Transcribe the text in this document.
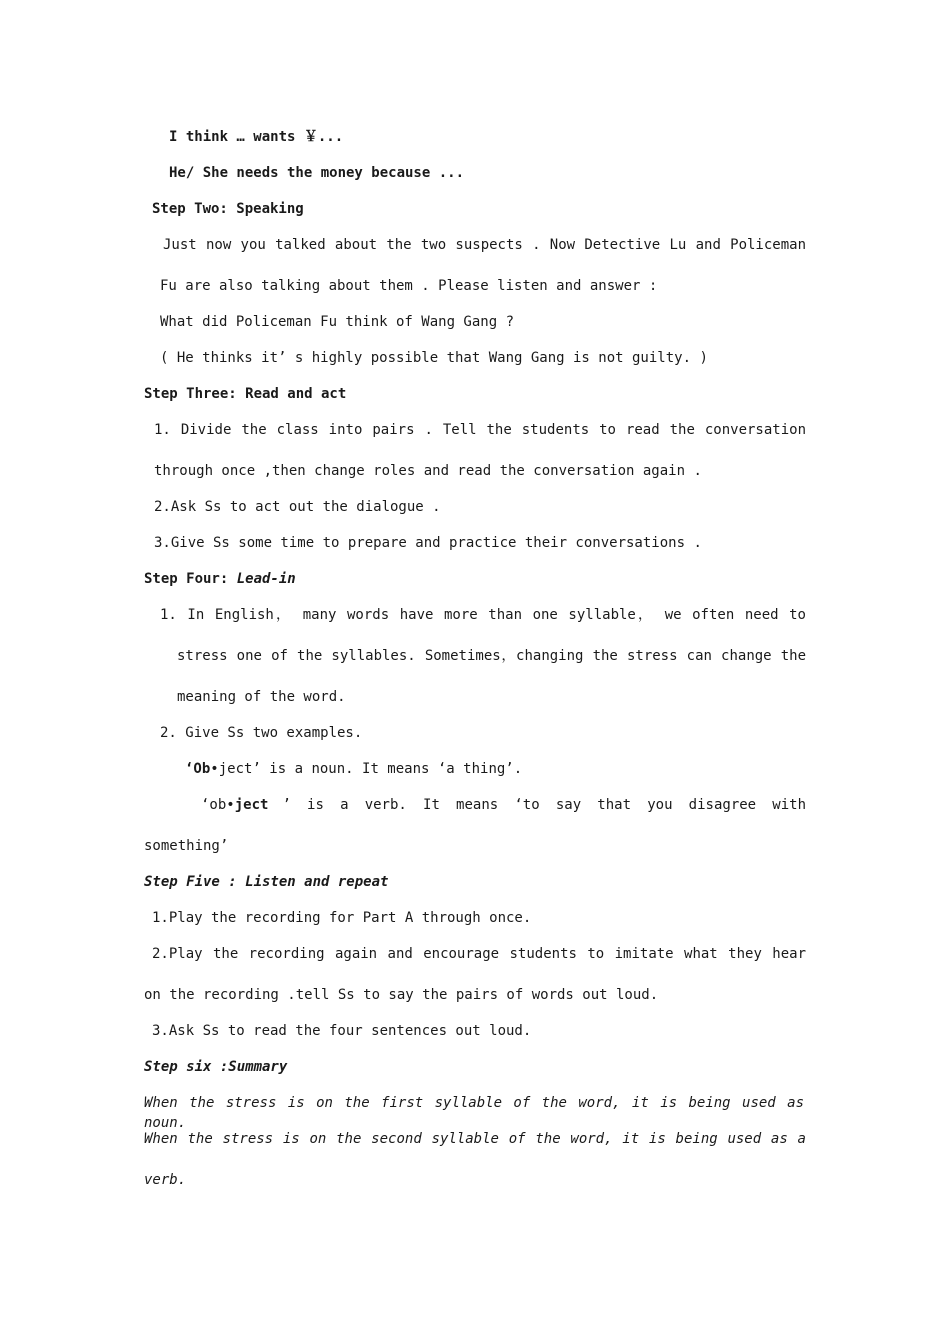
I think … wants ￥...
He/ She needs the money because ...
Step Two: Speaking
Just now you talked about the two suspects . Now Detective Lu and Policeman
Fu are also talking about them . Please listen and answer :
What did Policeman Fu think of Wang Gang ?
( He thinks it’ s highly possible that Wang Gang is not guilty. )
Step Three: Read and act
1. Divide the class into pairs . Tell the students to read the conversation
through once ,then change roles and read the conversation again .
2.Ask Ss to act out the dialogue .
3.Give Ss some time to prepare and practice their conversations .
Step Four: Lead-in
1. In English， many words have more than one syllable， we often need to
stress one of the syllables. Sometimes，changing the stress can change the
meaning of the word.
2. Give Ss two examples.
‘Ob•ject’ is a noun. It means ‘a thing’.
‘ob•ject ’ is a verb. It means ‘to say that you disagree with
something’
Step Five : Listen and repeat
1.Play the recording for Part A through once.
2.Play the recording again and encourage students to imitate what they hear
on the recording .tell Ss to say the pairs of words out loud.
3.Ask Ss to read the four sentences out loud.
Step six :Summary
When the stress is on the first syllable of the word, it is being used as noun.
When the stress is on the second syllable of the word, it is being used as a
verb.
